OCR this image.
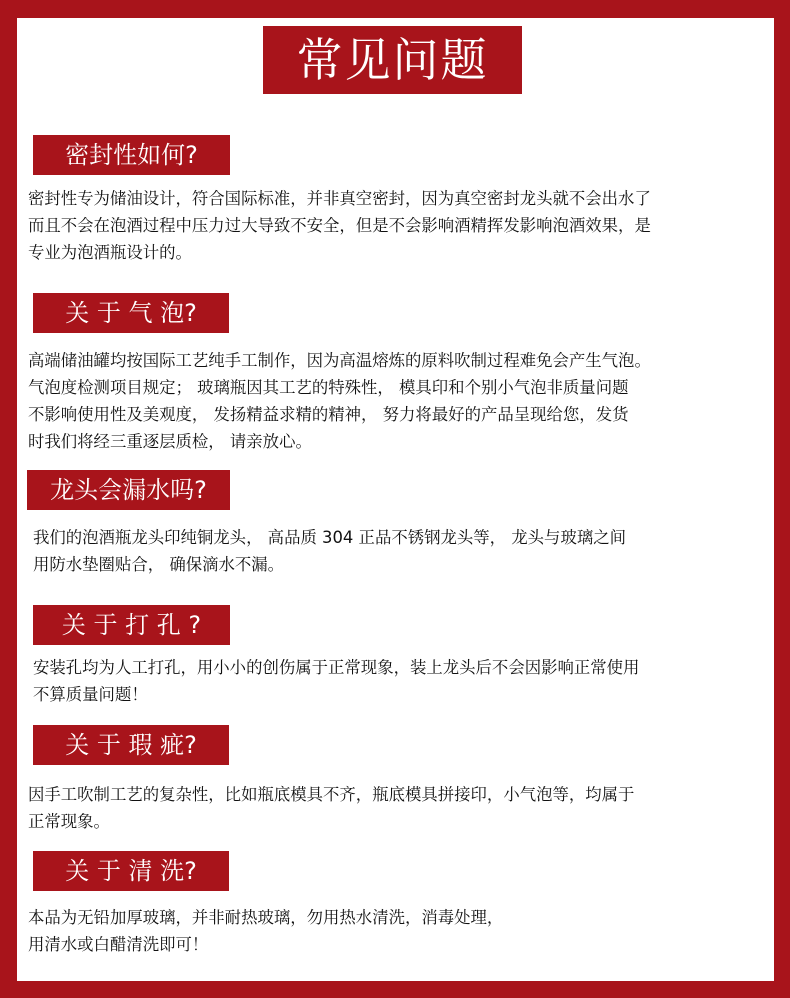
常见问题
密封性如何?
密封性专为储油设计，符合国际标准，并非真空密封，因为真空密封龙头就不会出水了
而且不会在泡酒过程中压力过大导致不安全，但是不会影响酒精挥发影响泡酒效果，是
专业为泡酒瓶设计的。
关 于 气 泡?
高端储油罐均按国际工艺纯手工制作，因为高温熔炼的原料吹制过程难免会产生气泡。
气泡度检测项目规定； 玻璃瓶因其工艺的特殊性， 模具印和个别小气泡非质量问题
不影响使用性及美观度， 发扬精益求精的精神， 努力将最好的产品呈现给您，发货
时我们将经三重逐层质检， 请亲放心。
龙头会漏水吗?
我们的泡酒瓶龙头印纯铜龙头， 高品质 304 正品不锈钢龙头等， 龙头与玻璃之间
用防水垫圈贴合， 确保滴水不漏。
关 于 打 孔 ?
安装孔均为人工打孔，用小小的创伤属于正常现象，装上龙头后不会因影响正常使用
不算质量问题！
关 于 瑕 疵?
因手工吹制工艺的复杂性，比如瓶底模具不齐，瓶底模具拼接印，小气泡等，均属于
正常现象。
关 于 清 洗?
本品为无铅加厚玻璃，并非耐热玻璃，勿用热水清洗，消毒处理，
用清水或白醋清洗即可！
